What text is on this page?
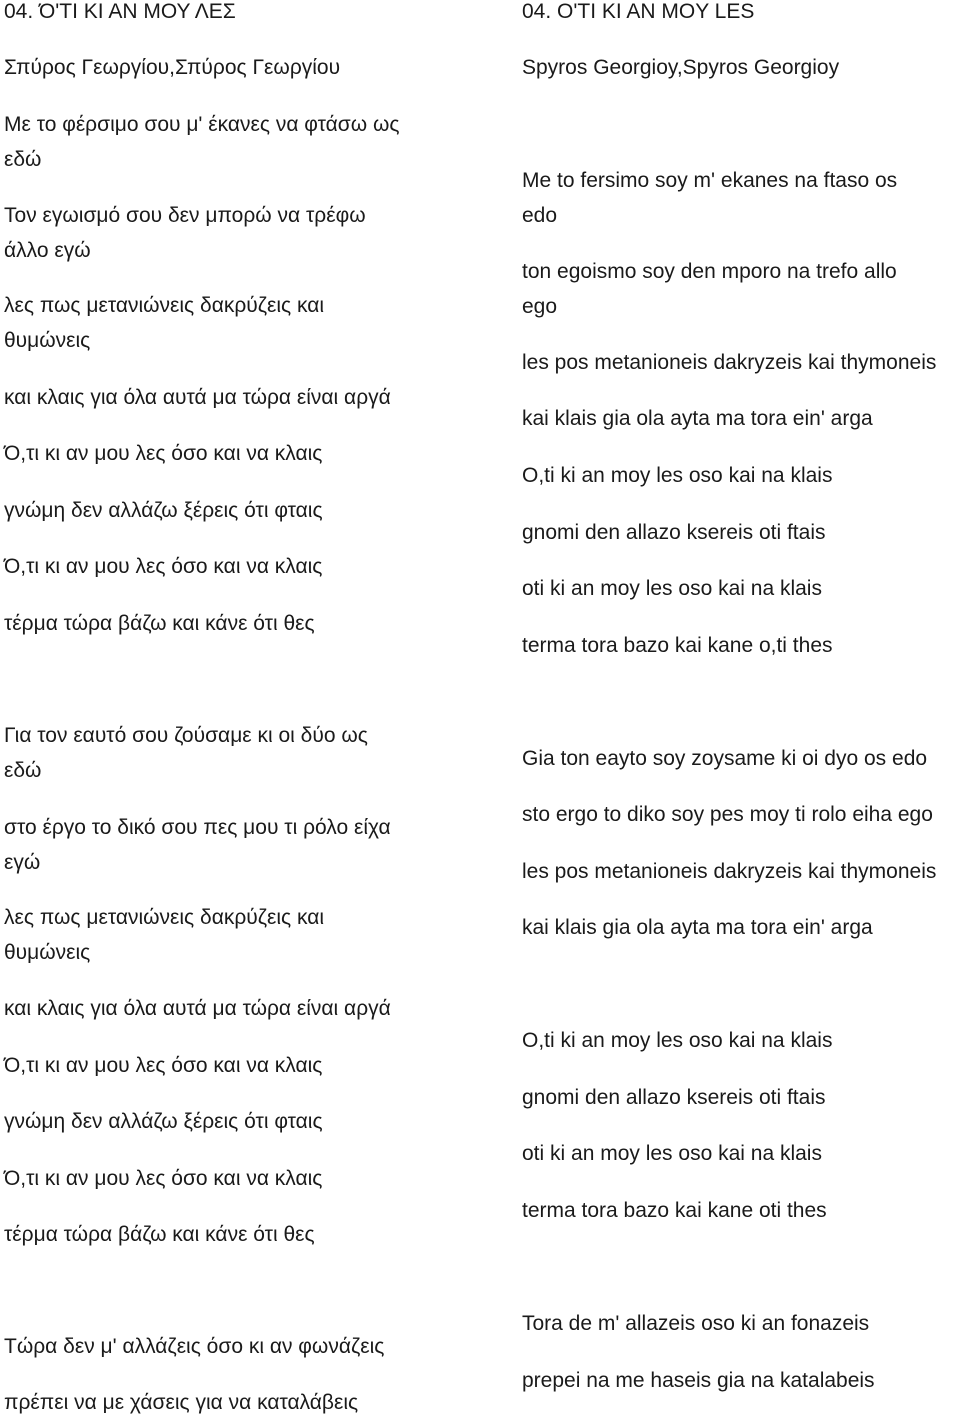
04. Ό'ΤΙ ΚΙ ΑΝ ΜΟΥ ΛΕΣ

Σπύρος Γεωργίου,Σπύρος Γεωργίου

Με το φέρσιμο σου μ' έκανες να φτάσω ως

εδώ

Τον εγωισμό σου δεν μπορώ να τρέφω

άλλο εγώ

λες πως μετανιώνεις δακρύζεις και

θυμώνεις

και κλαις για όλα αυτά μα τώρα είναι αργά

Ό,τι κι αν μου λες όσο και να κλαις

γνώμη δεν αλλάζω ξέρεις ότι φταις

Ό,τι κι αν μου λες όσο και να κλαις

τέρμα τώρα βάζω και κάνε ότι θες

Για τον εαυτό σου ζούσαμε κι οι δύο ως

εδώ

στο έργο το δικό σου πες μου τι ρόλο είχα

εγώ

λες πως μετανιώνεις δακρύζεις και

θυμώνεις

και κλαις για όλα αυτά μα τώρα είναι αργά

Ό,τι κι αν μου λες όσο και να κλαις

γνώμη δεν αλλάζω ξέρεις ότι φταις

Ό,τι κι αν μου λες όσο και να κλαις

τέρμα τώρα βάζω και κάνε ότι θες

Τώρα δεν μ' αλλάζεις όσο κι αν φωνάζεις

πρέπει να με χάσεις για να καταλάβεις

04. O'TI KI AN MOY LES

Spyros Georgioy,Spyros Georgioy

Me to fersimo soy m' ekanes na ftaso os

edo

ton egoismo soy den mporo na trefo allo

ego

les pos metanioneis dakryzeis kai thymoneis

kai klais gia ola ayta ma tora ein' arga

O,ti ki an moy les oso kai na klais

gnomi den allazo ksereis oti ftais

oti ki an moy les oso kai na klais

terma tora bazo kai kane o,ti thes

Gia ton eayto soy zoysame ki oi dyo os edo

sto ergo to diko soy pes moy ti rolo eiha ego

les pos metanioneis dakryzeis kai thymoneis

kai klais gia ola ayta ma tora ein' arga

O,ti ki an moy les oso kai na klais

gnomi den allazo ksereis oti ftais

oti ki an moy les oso kai na klais

terma tora bazo kai kane oti thes

Tora de m' allazeis oso ki an fonazeis

prepei na me haseis gia na katalabeis
